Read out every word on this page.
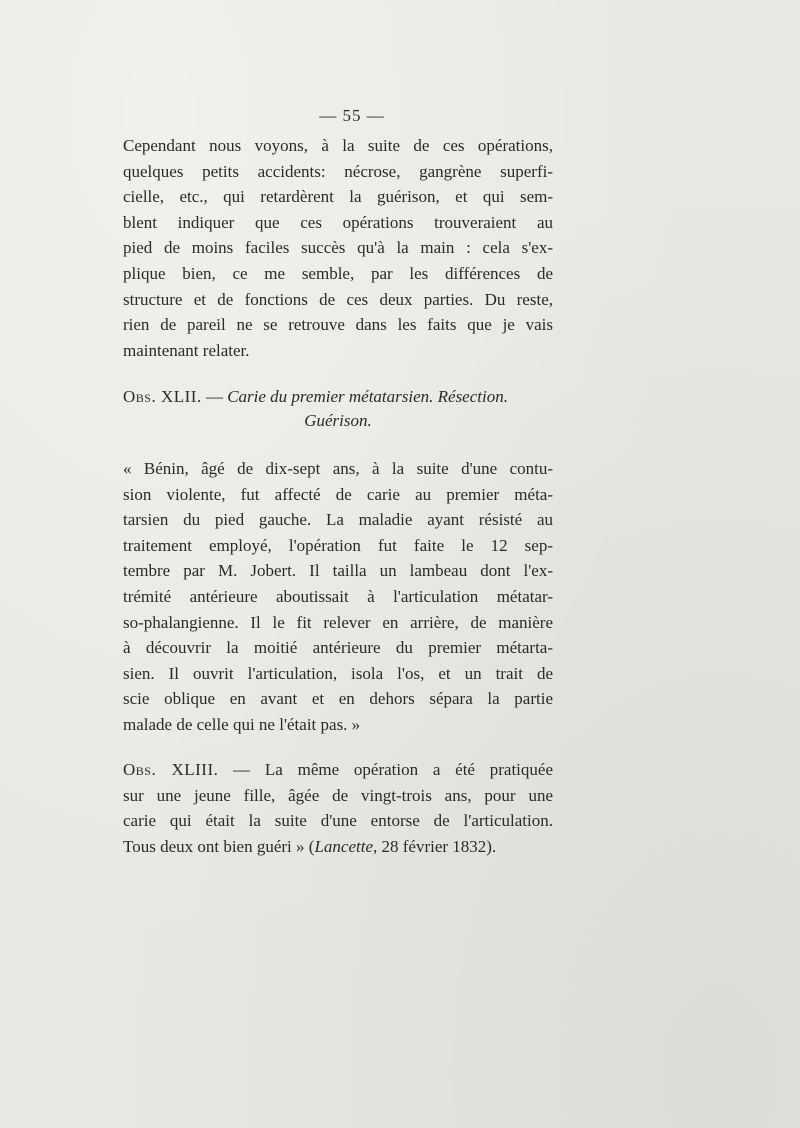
— 55 —
Cependant nous voyons, à la suite de ces opérations,
quelques petits accidents: nécrose, gangrène superfi-
cielle, etc., qui retardèrent la guérison, et qui sem-
blent indiquer que ces opérations trouveraient au
pied de moins faciles succès qu'à la main : cela s'ex-
plique bien, ce me semble, par les différences de
structure et de fonctions de ces deux parties. Du reste,
rien de pareil ne se retrouve dans les faits que je vais
maintenant relater.
Obs. XLII. — Carie du premier métatarsien. Résection.
Guérison.
« Bénin, âgé de dix-sept ans, à la suite d'une contu-
sion violente, fut affecté de carie au premier méta-
tarsien du pied gauche. La maladie ayant résisté au
traitement employé, l'opération fut faite le 12 sep-
tembre par M. Jobert. Il tailla un lambeau dont l'ex-
trémité antérieure aboutissait à l'articulation métatar-
so-phalangienne. Il le fit relever en arrière, de manière
à découvrir la moitié antérieure du premier métarta-
sien. Il ouvrit l'articulation, isola l'os, et un trait de
scie oblique en avant et en dehors sépara la partie
malade de celle qui ne l'était pas. »
Obs. XLIII. — La même opération a été pratiquée
sur une jeune fille, âgée de vingt-trois ans, pour une
carie qui était la suite d'une entorse de l'articulation.
Tous deux ont bien guéri » (Lancette, 28 février 1832).
